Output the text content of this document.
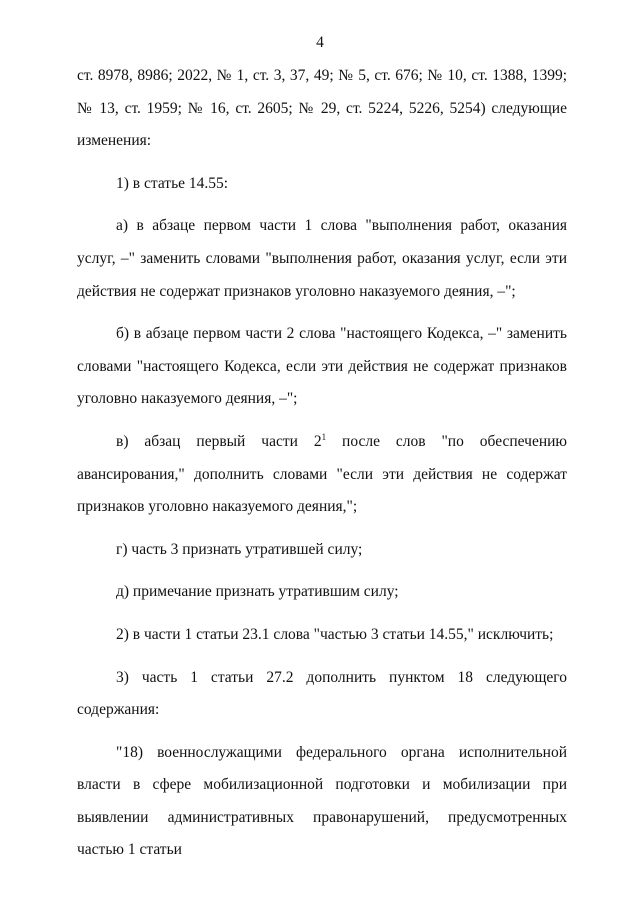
4

ст. 8978, 8986; 2022, № 1, ст. 3, 37, 49; № 5, ст. 676; № 10, ст. 1388, 1399; № 13, ст. 1959; № 16, ст. 2605; № 29, ст. 5224, 5226, 5254) следующие изменения:

1) в статье 14.55:

а) в абзаце первом части 1 слова "выполнения работ, оказания услуг, –" заменить словами "выполнения работ, оказания услуг, если эти действия не содержат признаков уголовно наказуемого деяния, –";

б) в абзаце первом части 2 слова "настоящего Кодекса, –" заменить словами "настоящего Кодекса, если эти действия не содержат признаков уголовно наказуемого деяния, –";

в) абзац первый части $2^1$ после слов "по обеспечению авансирования," дополнить словами "если эти действия не содержат признаков уголовно наказуемого деяния,";

г) часть 3 признать утратившей силу;

д) примечание признать утратившим силу;

2) в части 1 статьи 23.1 слова "частью 3 статьи 14.55," исключить;

3) часть 1 статьи 27.2 дополнить пунктом 18 следующего содержания:

"18) военнослужащими федерального органа исполнительной власти в сфере мобилизационной подготовки и мобилизации при выявлении административных правонарушений, предусмотренных частью 1 статьи
